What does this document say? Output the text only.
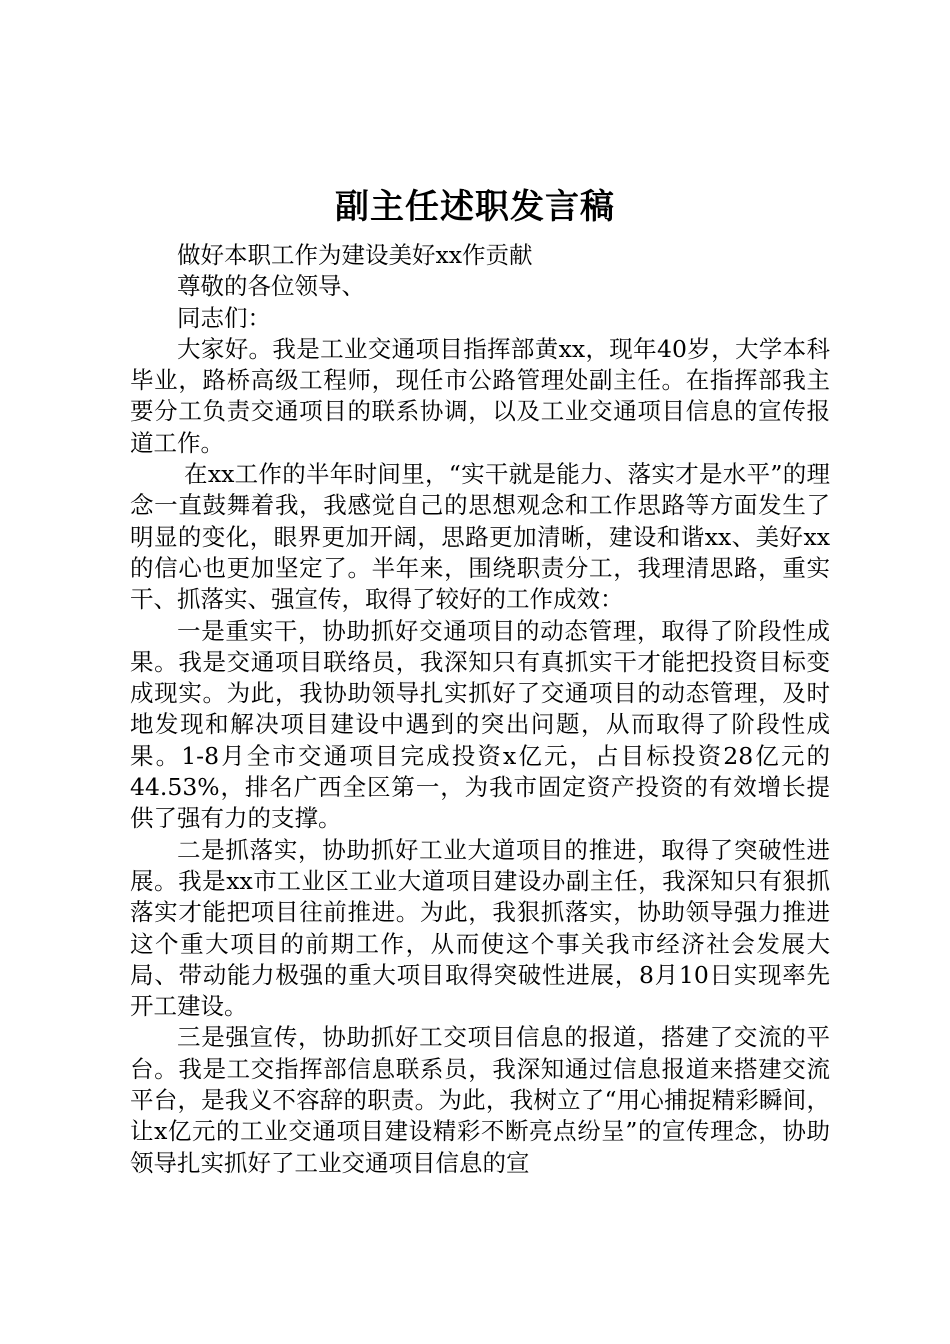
副主任述职发言稿

做好本职工作为建设美好xx作贡献

尊敬的各位领导、

同志们：

大家好。我是工业交通项目指挥部黄xx，现年40岁，大学本科毕业，路桥高级工程师，现任市公路管理处副主任。在指挥部我主要分工负责交通项目的联系协调，以及工业交通项目信息的宣传报道工作。

在xx工作的半年时间里，“实干就是能力、落实才是水平”的理念一直鼓舞着我，我感觉自己的思想观念和工作思路等方面发生了明显的变化，眼界更加开阔，思路更加清晰，建设和谐xx、美好xx的信心也更加坚定了。半年来，围绕职责分工，我理清思路，重实干、抓落实、强宣传，取得了较好的工作成效：

一是重实干，协助抓好交通项目的动态管理，取得了阶段性成果。我是交通项目联络员，我深知只有真抓实干才能把投资目标变成现实。为此，我协助领导扎实抓好了交通项目的动态管理，及时地发现和解决项目建设中遇到的突出问题，从而取得了阶段性成果。1-8月全市交通项目完成投资x亿元，占目标投资28亿元的44.53%，排名广西全区第一，为我市固定资产投资的有效增长提供了强有力的支撑。

二是抓落实，协助抓好工业大道项目的推进，取得了突破性进展。我是xx市工业区工业大道项目建设办副主任，我深知只有狠抓落实才能把项目往前推进。为此，我狠抓落实，协助领导强力推进这个重大项目的前期工作，从而使这个事关我市经济社会发展大局、带动能力极强的重大项目取得突破性进展，8月10日实现率先开工建设。

三是强宣传，协助抓好工交项目信息的报道，搭建了交流的平台。我是工交指挥部信息联系员，我深知通过信息报道来搭建交流平台，是我义不容辞的职责。为此，我树立了“用心捕捉精彩瞬间，让x亿元的工业交通项目建设精彩不断亮点纷呈”的宣传理念，协助领导扎实抓好了工业交通项目信息的宣
